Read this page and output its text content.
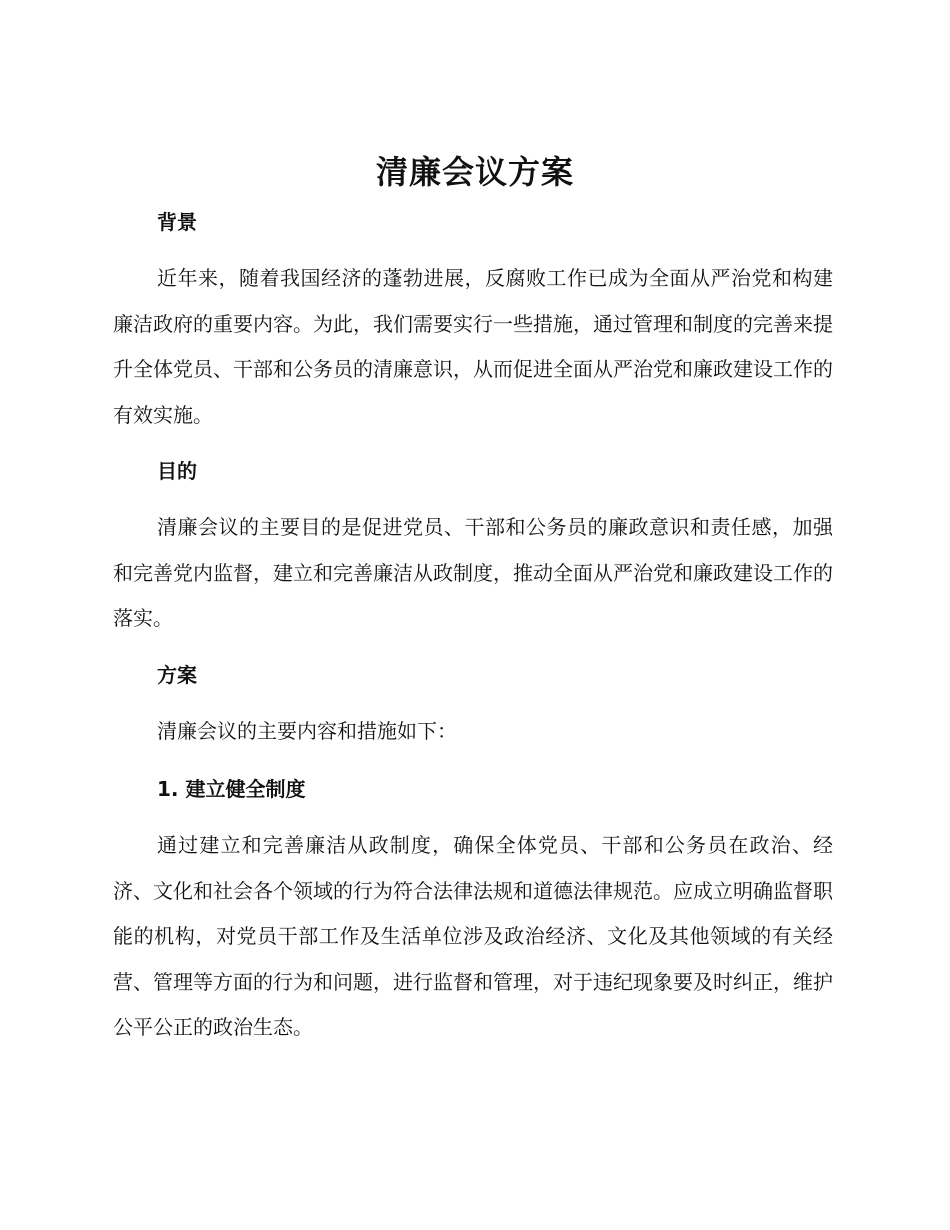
清廉会议方案
背景

近年来，随着我国经济的蓬勃进展，反腐败工作已成为全面从严治党和构建廉洁政府的重要内容。为此，我们需要实行一些措施，通过管理和制度的完善来提升全体党员、干部和公务员的清廉意识，从而促进全面从严治党和廉政建设工作的有效实施。

目的

清廉会议的主要目的是促进党员、干部和公务员的廉政意识和责任感，加强和完善党内监督，建立和完善廉洁从政制度，推动全面从严治党和廉政建设工作的落实。

方案

清廉会议的主要内容和措施如下：

1. 建立健全制度

通过建立和完善廉洁从政制度，确保全体党员、干部和公务员在政治、经济、文化和社会各个领域的行为符合法律法规和道德法律规范。应成立明确监督职能的机构，对党员干部工作及生活单位涉及政治经济、文化及其他领域的有关经营、管理等方面的行为和问题，进行监督和管理，对于违纪现象要及时纠正，维护公平公正的政治生态。
